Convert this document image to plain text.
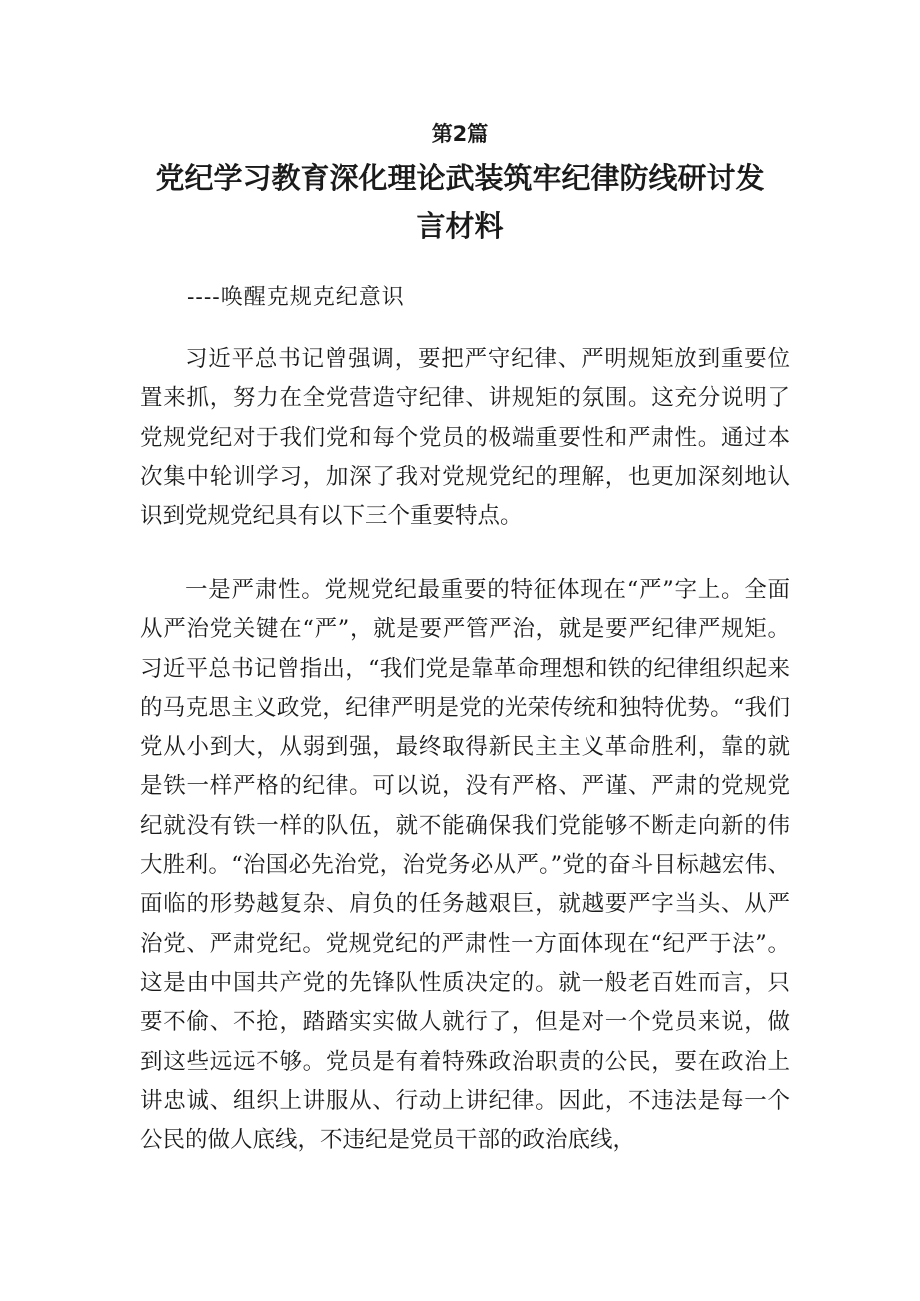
第2篇
党纪学习教育深化理论武装筑牢纪律防线研讨发言材料

----唤醒克规克纪意识

习近平总书记曾强调，要把严守纪律、严明规矩放到重要位置来抓，努力在全党营造守纪律、讲规矩的氛围。这充分说明了党规党纪对于我们党和每个党员的极端重要性和严肃性。通过本次集中轮训学习，加深了我对党规党纪的理解，也更加深刻地认识到党规党纪具有以下三个重要特点。

一是严肃性。党规党纪最重要的特征体现在“严”字上。全面从严治党关键在“严”，就是要严管严治，就是要严纪律严规矩。习近平总书记曾指出，“我们党是靠革命理想和铁的纪律组织起来的马克思主义政党，纪律严明是党的光荣传统和独特优势。“我们党从小到大，从弱到强，最终取得新民主主义革命胜利，靠的就是铁一样严格的纪律。可以说，没有严格、严谨、严肃的党规党纪就没有铁一样的队伍，就不能确保我们党能够不断走向新的伟大胜利。“治国必先治党，治党务必从严。”党的奋斗目标越宏伟、面临的形势越复杂、肩负的任务越艰巨，就越要严字当头、从严治党、严肃党纪。党规党纪的严肃性一方面体现在“纪严于法”。这是由中国共产党的先锋队性质决定的。就一般老百姓而言，只要不偷、不抢，踏踏实实做人就行了，但是对一个党员来说，做到这些远远不够。党员是有着特殊政治职责的公民，要在政治上讲忠诚、组织上讲服从、行动上讲纪律。因此，不违法是每一个公民的做人底线，不违纪是党员干部的政治底线，
